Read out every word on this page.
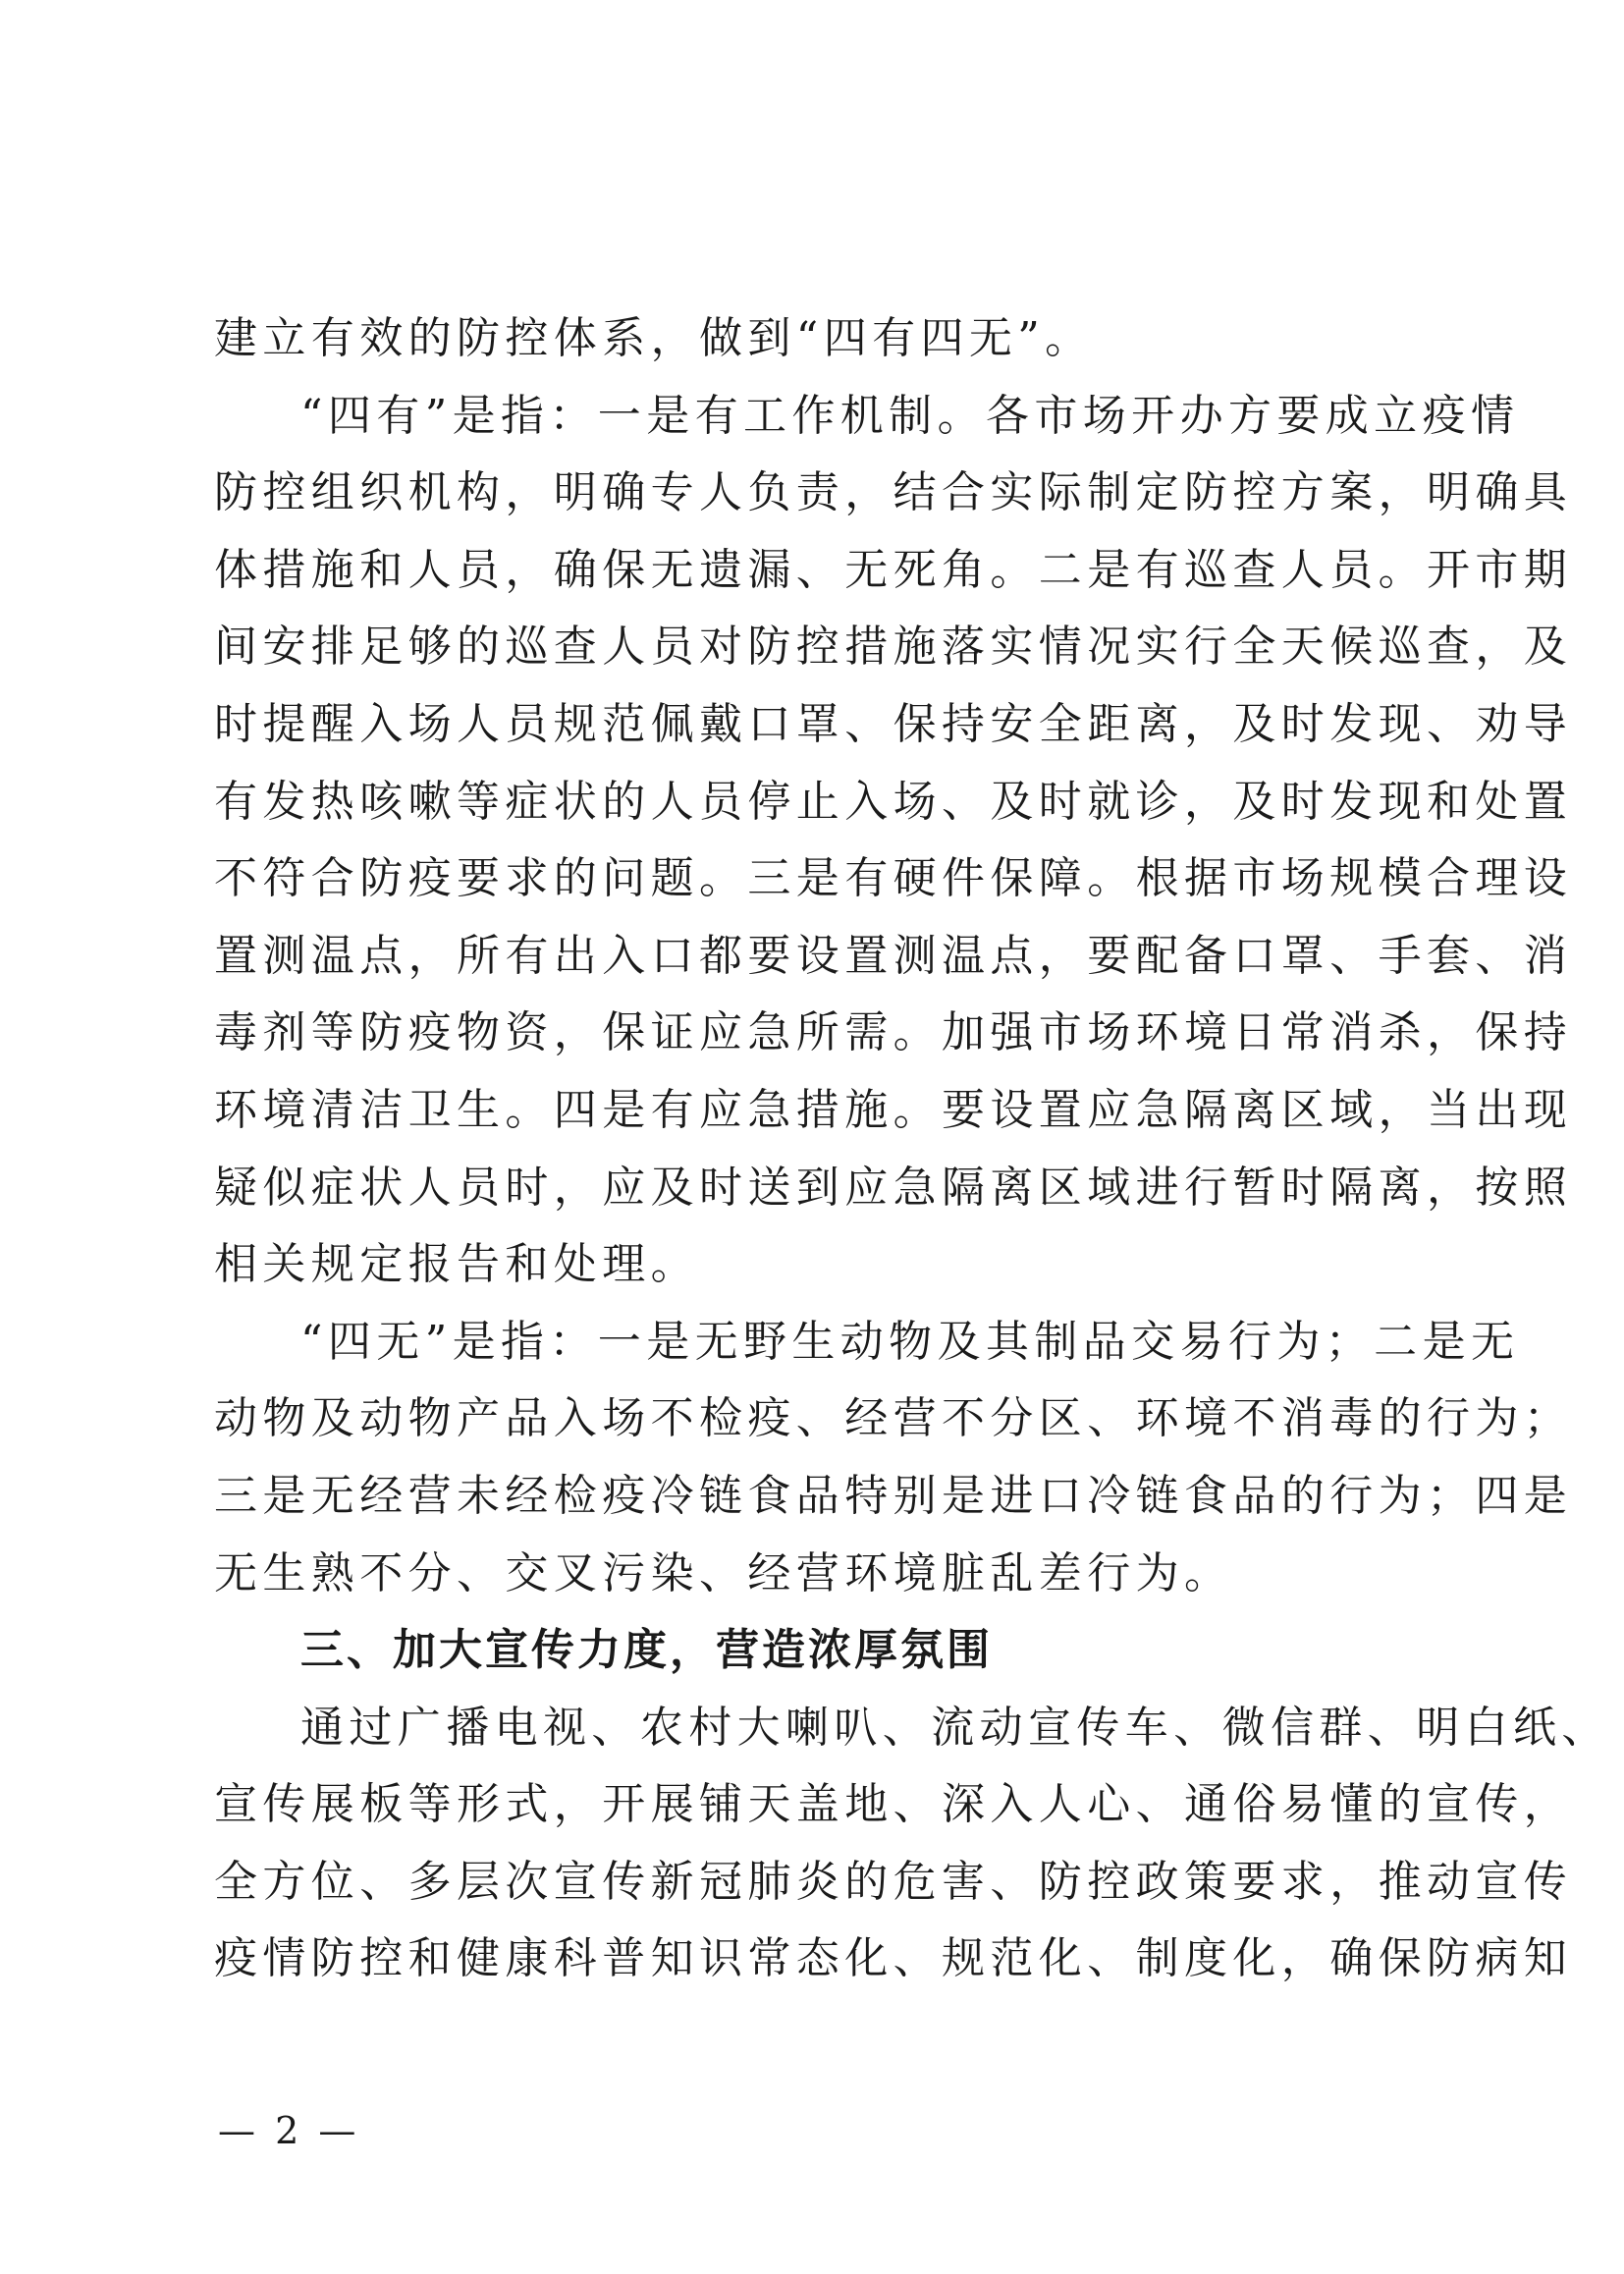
建立有效的防控体系，做到“四有四无”。
“四有”是指：一是有工作机制。各市场开办方要成立疫情
防控组织机构，明确专人负责，结合实际制定防控方案，明确具
体措施和人员，确保无遗漏、无死角。二是有巡查人员。开市期
间安排足够的巡查人员对防控措施落实情况实行全天候巡查，及
时提醒入场人员规范佩戴口罩、保持安全距离，及时发现、劝导
有发热咳嗽等症状的人员停止入场、及时就诊，及时发现和处置
不符合防疫要求的问题。三是有硬件保障。根据市场规模合理设
置测温点，所有出入口都要设置测温点，要配备口罩、手套、消
毒剂等防疫物资，保证应急所需。加强市场环境日常消杀，保持
环境清洁卫生。四是有应急措施。要设置应急隔离区域，当出现
疑似症状人员时，应及时送到应急隔离区域进行暂时隔离，按照
相关规定报告和处理。
“四无”是指：一是无野生动物及其制品交易行为；二是无
动物及动物产品入场不检疫、经营不分区、环境不消毒的行为；
三是无经营未经检疫冷链食品特别是进口冷链食品的行为；四是
无生熟不分、交叉污染、经营环境脏乱差行为。
三、加大宣传力度，营造浓厚氛围
通过广播电视、农村大喇叭、流动宣传车、微信群、明白纸、
宣传展板等形式，开展铺天盖地、深入人心、通俗易懂的宣传，
全方位、多层次宣传新冠肺炎的危害、防控政策要求，推动宣传
疫情防控和健康科普知识常态化、规范化、制度化，确保防病知
— 2 —
